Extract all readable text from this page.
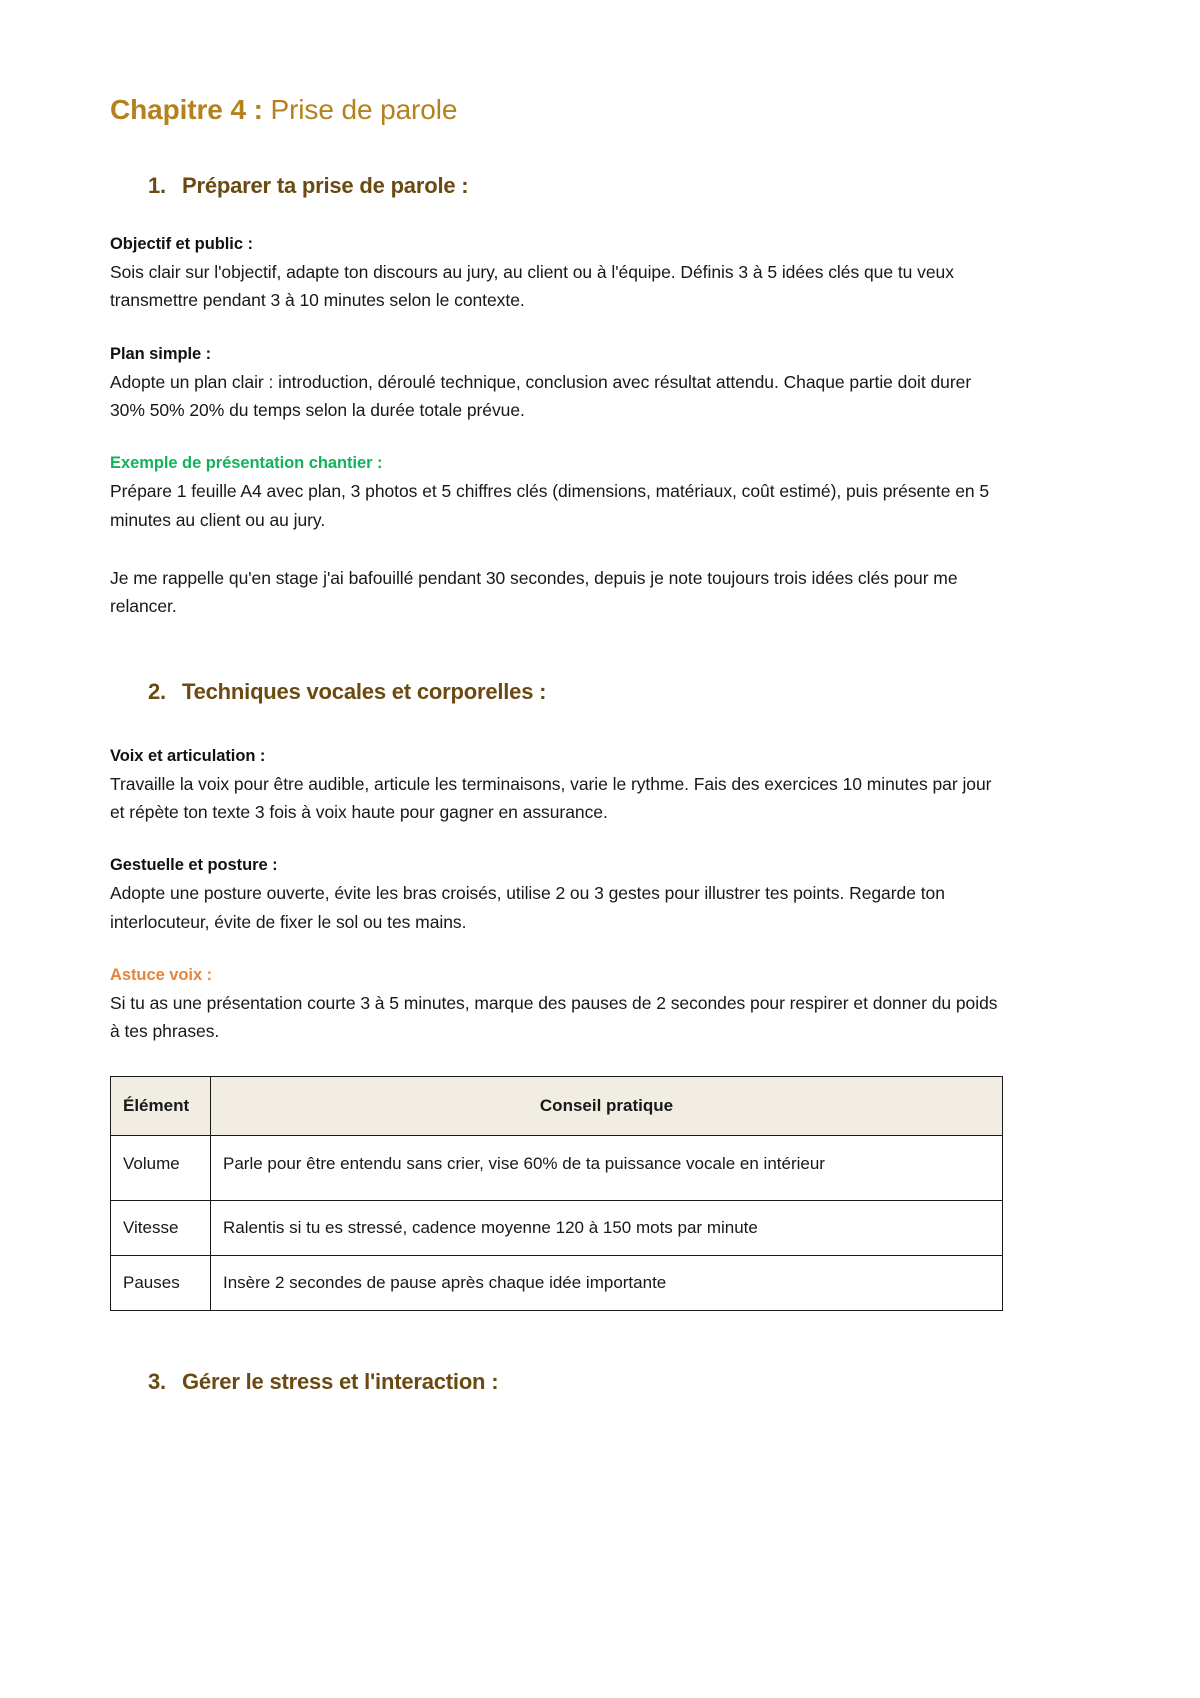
Chapitre 4 : Prise de parole
1. Préparer ta prise de parole :
Objectif et public :

Sois clair sur l'objectif, adapte ton discours au jury, au client ou à l'équipe. Définis 3 à 5 idées clés que tu veux transmettre pendant 3 à 10 minutes selon le contexte.

Plan simple :

Adopte un plan clair : introduction, déroulé technique, conclusion avec résultat attendu. Chaque partie doit durer 30% 50% 20% du temps selon la durée totale prévue.

Exemple de présentation chantier :

Prépare 1 feuille A4 avec plan, 3 photos et 5 chiffres clés (dimensions, matériaux, coût estimé), puis présente en 5 minutes au client ou au jury.

Je me rappelle qu'en stage j'ai bafouillé pendant 30 secondes, depuis je note toujours trois idées clés pour me relancer.

2. Techniques vocales et corporelles :
Voix et articulation :

Travaille la voix pour être audible, articule les terminaisons, varie le rythme. Fais des exercices 10 minutes par jour et répète ton texte 3 fois à voix haute pour gagner en assurance.

Gestuelle et posture :

Adopte une posture ouverte, évite les bras croisés, utilise 2 ou 3 gestes pour illustrer tes points. Regarde ton interlocuteur, évite de fixer le sol ou tes mains.

Astuce voix :

Si tu as une présentation courte 3 à 5 minutes, marque des pauses de 2 secondes pour respirer et donner du poids à tes phrases.

Élément	Conseil pratique
Volume	Parle pour être entendu sans crier, vise 60% de ta puissance vocale en intérieur
Vitesse	Ralentis si tu es stressé, cadence moyenne 120 à 150 mots par minute
Pauses	Insère 2 secondes de pause après chaque idée importante
3. Gérer le stress et l'interaction :
